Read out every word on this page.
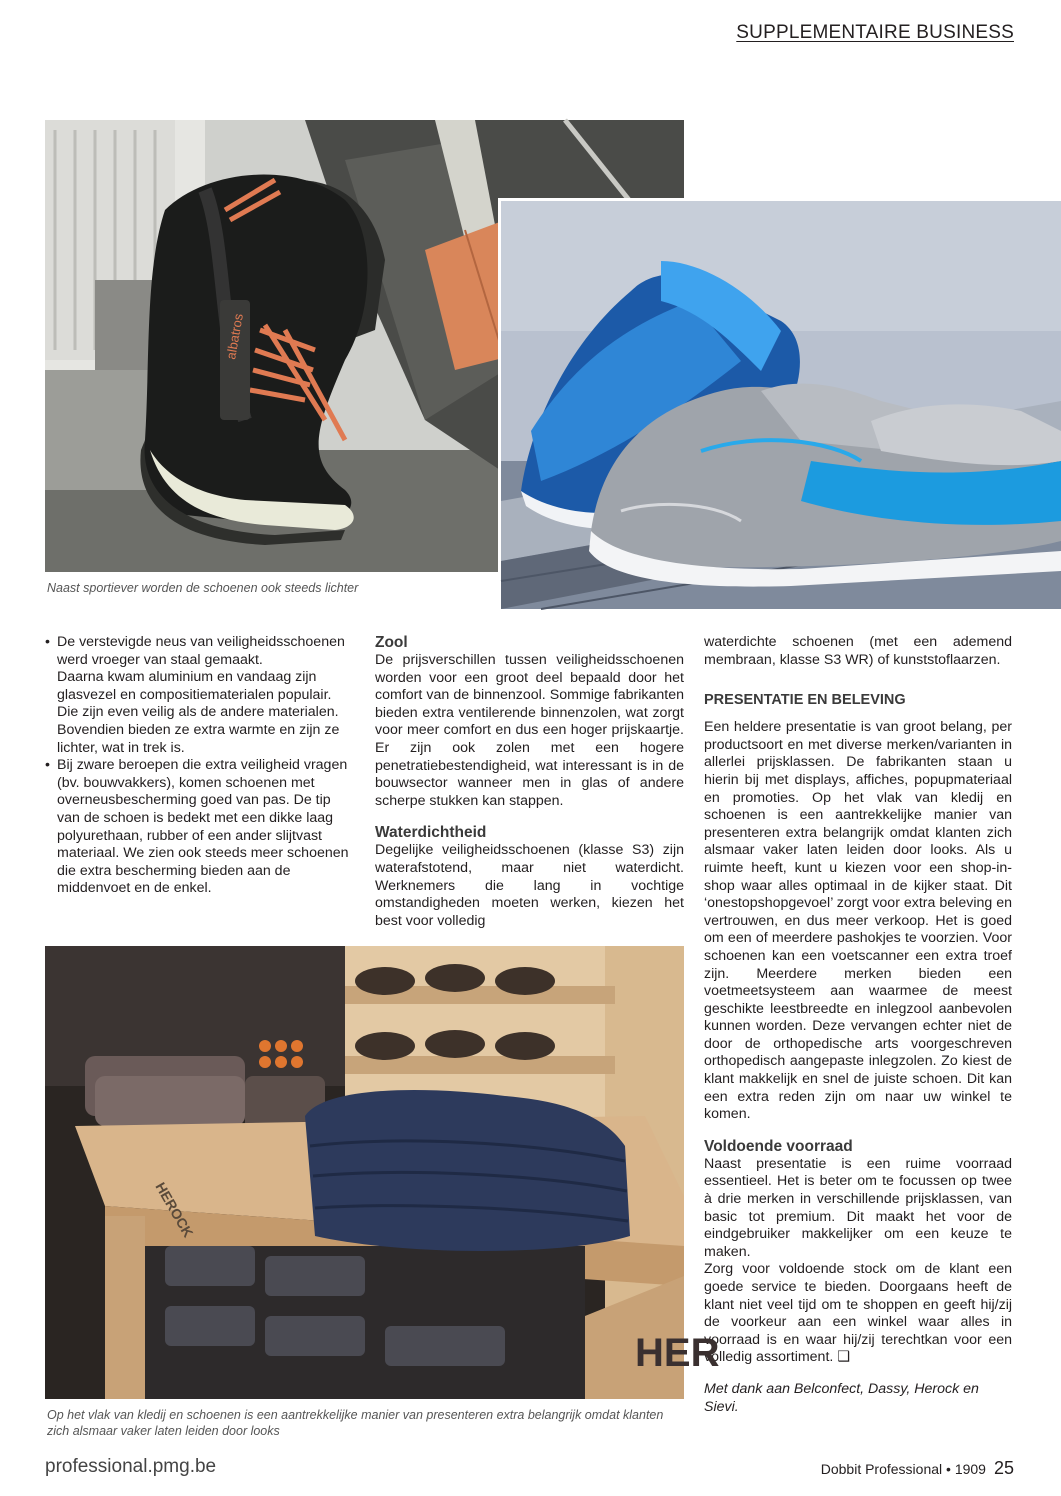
SUPPLEMENTAIRE BUSINESS
albatros
Naast sportiever worden de schoenen ook steeds lichter

• De verstevigde neus van veiligheidsschoenen werd vroeger van staal gemaakt.

Daarna kwam aluminium en vandaag zijn glasvezel en compositiematerialen populair. Die zijn even veilig als de andere materialen.

Bovendien bieden ze extra warmte en zijn ze lichter, wat in trek is.

• Bij zware beroepen die extra veiligheid vragen (bv. bouwvakkers), komen schoenen met overneusbescherming goed van pas. De tip van de schoen is bedekt met een dikke laag polyurethaan, rubber of een ander slijtvast materiaal. We zien ook steeds meer schoenen die extra bescherming bieden aan de middenvoet en de enkel.

Zool

De prijsverschillen tussen veiligheidsschoenen worden voor een groot deel bepaald door het comfort van de binnenzool. Sommige fabrikanten bieden extra ventilerende binnenzolen, wat zorgt voor meer comfort en dus een hoger prijskaartje. Er zijn ook zolen met een hogere penetratiebestendigheid, wat interessant is in de bouwsector wanneer men in glas of andere scherpe stukken kan stappen.

Waterdichtheid

Degelijke veiligheidsschoenen (klasse S3) zijn waterafstotend, maar niet waterdicht. Werknemers die lang in vochtige omstandigheden moeten werken, kiezen het best voor volledig

waterdichte schoenen (met een ademend membraan, klasse S3 WR) of kunststoflaarzen.

PRESENTATIE EN BELEVING

Een heldere presentatie is van groot belang, per productsoort en met diverse merken/varianten in allerlei prijsklassen. De fabrikanten staan u hierin bij met displays, affiches, popupmateriaal en promoties. Op het vlak van kledij en schoenen is een aantrekkelijke manier van presenteren extra belangrijk omdat klanten zich alsmaar vaker laten leiden door looks. Als u ruimte heeft, kunt u kiezen voor een shop-in-shop waar alles optimaal in de kijker staat. Dit ‘onestopshopgevoel’ zorgt voor extra beleving en vertrouwen, en dus meer verkoop. Het is goed om een of meerdere pashokjes te voorzien. Voor schoenen kan een voetscanner een extra troef zijn. Meerdere merken bieden een voetmeetsysteem aan waarmee de meest geschikte leestbreedte en inlegzool aanbevolen kunnen worden. Deze vervangen echter niet de door de orthopedische arts voorgeschreven orthopedisch aangepaste inlegzolen. Zo kiest de klant makkelijk en snel de juiste schoen. Dit kan een extra reden zijn om naar uw winkel te komen.

Voldoende voorraad

Naast presentatie is een ruime voorraad essentieel. Het is beter om te focussen op twee à drie merken in verschillende prijsklassen, van basic tot premium. Dit maakt het voor de eindgebruiker makkelijker om een keuze te maken.

Zorg voor voldoende stock om de klant een goede service te bieden. Doorgaans heeft de klant niet veel tijd om te shoppen en geeft hij/zij de voorkeur aan een winkel waar alles in voorraad is en waar hij/zij terechtkan voor een volledig assortiment. ❑

Met dank aan Belconfect, Dassy, Herock en Sievi.

HER
HEROCK
Op het vlak van kledij en schoenen is een aantrekkelijke manier van presenteren extra belangrijk omdat klanten
zich alsmaar vaker laten leiden door looks
professional.pmg.be	Dobbit Professional • 1909 25
